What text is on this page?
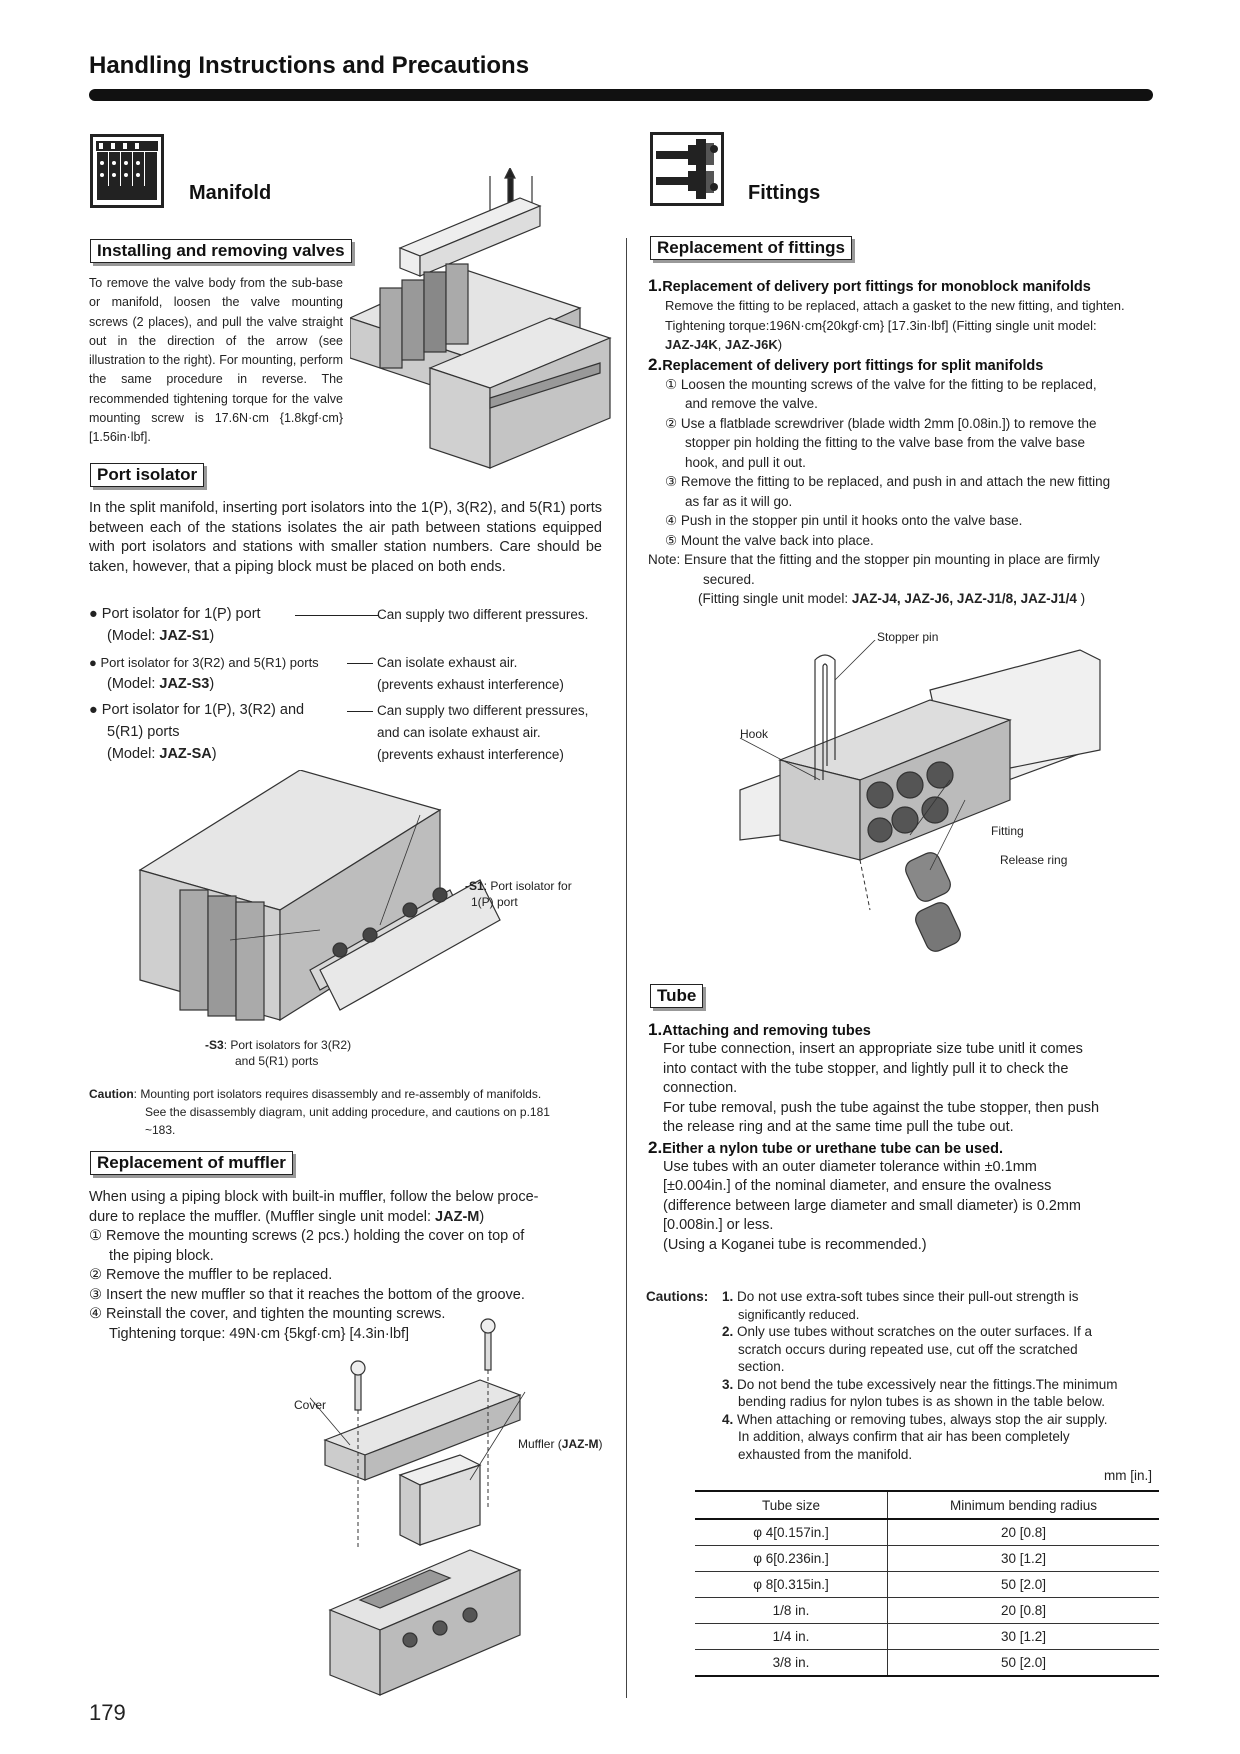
Handling Instructions and Precautions
Manifold
Installing and removing valves
To remove the valve body from the sub-base or manifold, loosen the valve mounting screws (2 places), and pull the valve straight out in the direction of the arrow (see illustration to the right). For mounting, perform the same procedure in reverse. The recommended tightening torque for the valve mounting screw is 17.6N·cm {1.8kgf·cm} [1.56in·lbf].
Port isolator
In the split manifold, inserting port isolators into the 1(P), 3(R2), and 5(R1) ports between each of the stations isolates the air path between stations equipped with port isolators and stations with smaller station numbers. Care should be taken, however, that a piping block must be placed on both ends.
● Port isolator for 1(P) port
(Model: JAZ-S1)
Can supply two different pressures.
● Port isolator for 3(R2) and 5(R1) ports
(Model: JAZ-S3)
Can isolate exhaust air.
(prevents exhaust interference)
● Port isolator for 1(P), 3(R2) and
5(R1) ports
(Model: JAZ-SA)
Can supply two different pressures,
and can isolate exhaust air.
(prevents exhaust interference)
-S1: Port isolator for
1(P) port
-S3: Port isolators for 3(R2)
and 5(R1) ports
Caution: Mounting port isolators requires disassembly and re-assembly of manifolds.
See the disassembly diagram, unit adding procedure, and cautions on p.181
~183.
Replacement of muffler
When using a piping block with built-in muffler, follow the below proce-
dure to replace the muffler. (Muffler single unit model: JAZ-M)
① Remove the mounting screws (2 pcs.) holding the cover on top of
the piping block.
② Remove the muffler to be replaced.
③ Insert the new muffler so that it reaches the bottom of the groove.
④ Reinstall the cover, and tighten the mounting screws.
Tightening torque: 49N·cm {5kgf·cm} [4.3in·lbf]
Cover
Muffler (JAZ-M)
179
Fittings
Replacement of fittings
1.Replacement of delivery port fittings for monoblock manifolds
Remove the fitting to be replaced, attach a gasket to the new fitting, and tighten.
Tightening torque:196N·cm{20kgf·cm} [17.3in·lbf] (Fitting single unit model:
JAZ-J4K, JAZ-J6K)
2.Replacement of delivery port fittings for split manifolds
① Loosen the mounting screws of the valve for the fitting to be replaced,
and remove the valve.
② Use a flatblade screwdriver (blade width 2mm [0.08in.]) to remove the
stopper pin holding the fitting to the valve base from the valve base
hook, and pull it out.
③ Remove the fitting to be replaced, and push in and attach the new fitting
as far as it will go.
④ Push in the stopper pin until it hooks onto the valve base.
⑤ Mount the valve back into place.
Note: Ensure that the fitting and the stopper pin mounting in place are firmly
secured.
(Fitting single unit model: JAZ-J4, JAZ-J6, JAZ-J1/8, JAZ-J1/4 )
Stopper pin
Hook
Fitting
Release ring
Tube
1.Attaching and removing tubes
For tube connection, insert an appropriate size tube unitl it comes
into contact with the tube stopper, and lightly pull it to check the
connection.
For tube removal, push the tube against the tube stopper, then push
the release ring and at the same time pull the tube out.
2.Either a nylon tube or urethane tube can be used.
Use tubes with an outer diameter tolerance within ±0.1mm
[±0.004in.] of the nominal diameter, and ensure the ovalness
(difference between large diameter and small diameter) is 0.2mm
[0.008in.] or less.
(Using a Koganei tube is recommended.)
Cautions: 1. Do not use extra-soft tubes since their pull-out strength is
significantly reduced.
2. Only use tubes without scratches on the outer surfaces. If a
scratch occurs during repeated use, cut off the scratched
section.
3. Do not bend the tube excessively near the fittings.The minimum
bending radius for nylon tubes is as shown in the table below.
4. When attaching or removing tubes, always stop the air supply.
In addition, always confirm that air has been completely
exhausted from the manifold.
mm [in.]
Tube size	Minimum bending radius
φ 4[0.157in.]	20 [0.8]
φ 6[0.236in.]	30 [1.2]
φ 8[0.315in.]	50 [2.0]
1/8 in.	20 [0.8]
1/4 in.	30 [1.2]
3/8 in.	50 [2.0]
